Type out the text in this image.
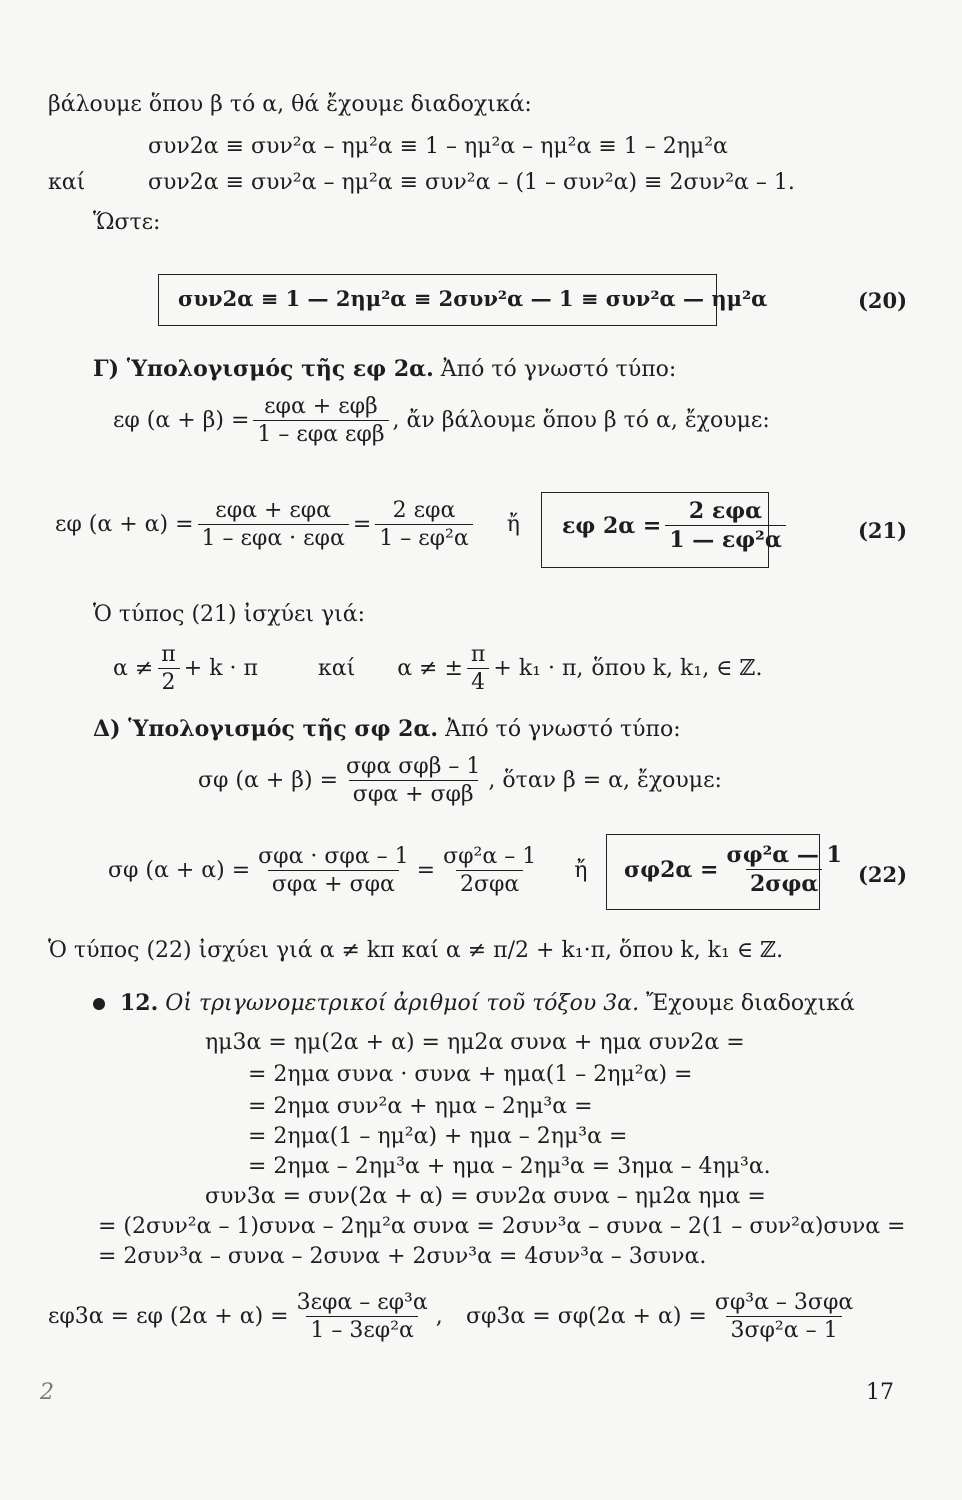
βάλουμε ὅπου β τό α, θά ἔχουμε διαδοχικά:
συν2α ≡ συν²α – ημ²α ≡ 1 – ημ²α – ημ²α ≡ 1 – 2ημ²α
καί	συν2α ≡ συν²α – ημ²α ≡ συν²α – (1 – συν²α) ≡ 2συν²α – 1.
Ὥστε:
συν2α ≡ 1 — 2ημ²α ≡ 2συν²α — 1 ≡ συν²α — ημ²α	(20)
Γ) Ὑπολογισμός τῆς εφ 2α. Ἀπό τό γνωστό τύπο:
εφ $(\alpha + \beta) = \frac{\text{εφα + εφβ}}{\text{1 – εφα εφβ}}$ , ἄν βάλουμε ὅπου β τό α, ἔχουμε:
εφ $(\alpha + \alpha) = \frac{\text{εφα + εφα}}{\text{1 – εφα · εφα}} = \frac{\text{2 εφα}}{\text{1 – εφ²α}}$ ἤ εφ $2\alpha = \frac{\text{2 εφα}}{\text{1 — εφ²α}}$	(21)
Ὁ τύπος (21) ἰσχύει γιά:
$\alpha \ne \frac{\pi}{2} + k \cdot \pi$	καί α ≠ ± $\frac{\pi}{4} + k_1 \cdot \pi$, ὅπου k, k₁, ∈ ℤ.
Δ) Ὑπολογισμός τῆς σφ 2α. Ἀπό τό γνωστό τύπο:
σφ $(\alpha + \beta) = \frac{\text{σφα σφβ – 1}}{\text{σφα + σφβ}}$ , ὅταν β = α, ἔχουμε:
σφ $(\alpha + \alpha) = \frac{\text{σφα · σφα – 1}}{\text{σφα + σφα}} = \frac{\text{σφ²α – 1}}{\text{2σφα}}$ ἤ $\sigma\varphi 2\alpha = \frac{\text{σφ²α — 1}}{\text{2σφα}} (22)$
Ὁ τύπος (22) ἰσχύει γιά α ≠ kπ καί α ≠ π/2 + k₁·π, ὅπου k, k₁ ∈ ℤ.
12. Οἱ τριγωνομετρικοί ἀριθμοί τοῦ τόξου 3α. Ἔχουμε διαδοχικά
ημ3α = ημ(2α + α) = ημ2α συνα + ημα συν2α =
= 2ημα συνα · συνα + ημα(1 – 2ημ²α) =
= 2ημα συν²α + ημα – 2ημ³α =
= 2ημα(1 – ημ²α) + ημα – 2ημ³α =
= 2ημα – 2ημ³α + ημα – 2ημ³α = 3ημα – 4ημ³α.
συν3α = συν(2α + α) = συν2α συνα – ημ2α ημα =
= (2συν²α – 1)συνα – 2ημ²α συνα = 2συν³α – συνα – 2(1 – συν²α)συνα =
= 2συν³α – συνα – 2συνα + 2συν³α = 4συν³α – 3συνα.
εφ3α = εφ $(2\alpha + \alpha) = \frac{\text{3εφα – εφ³α}}{\text{1 – 3εφ²α}}$ , $\sigma\varphi 3\alpha = \sigma\varphi(2\alpha + \alpha) = \frac{\text{σφ³α – 3σφα}}{\text{3σφ²α – 1}}$
2	17
